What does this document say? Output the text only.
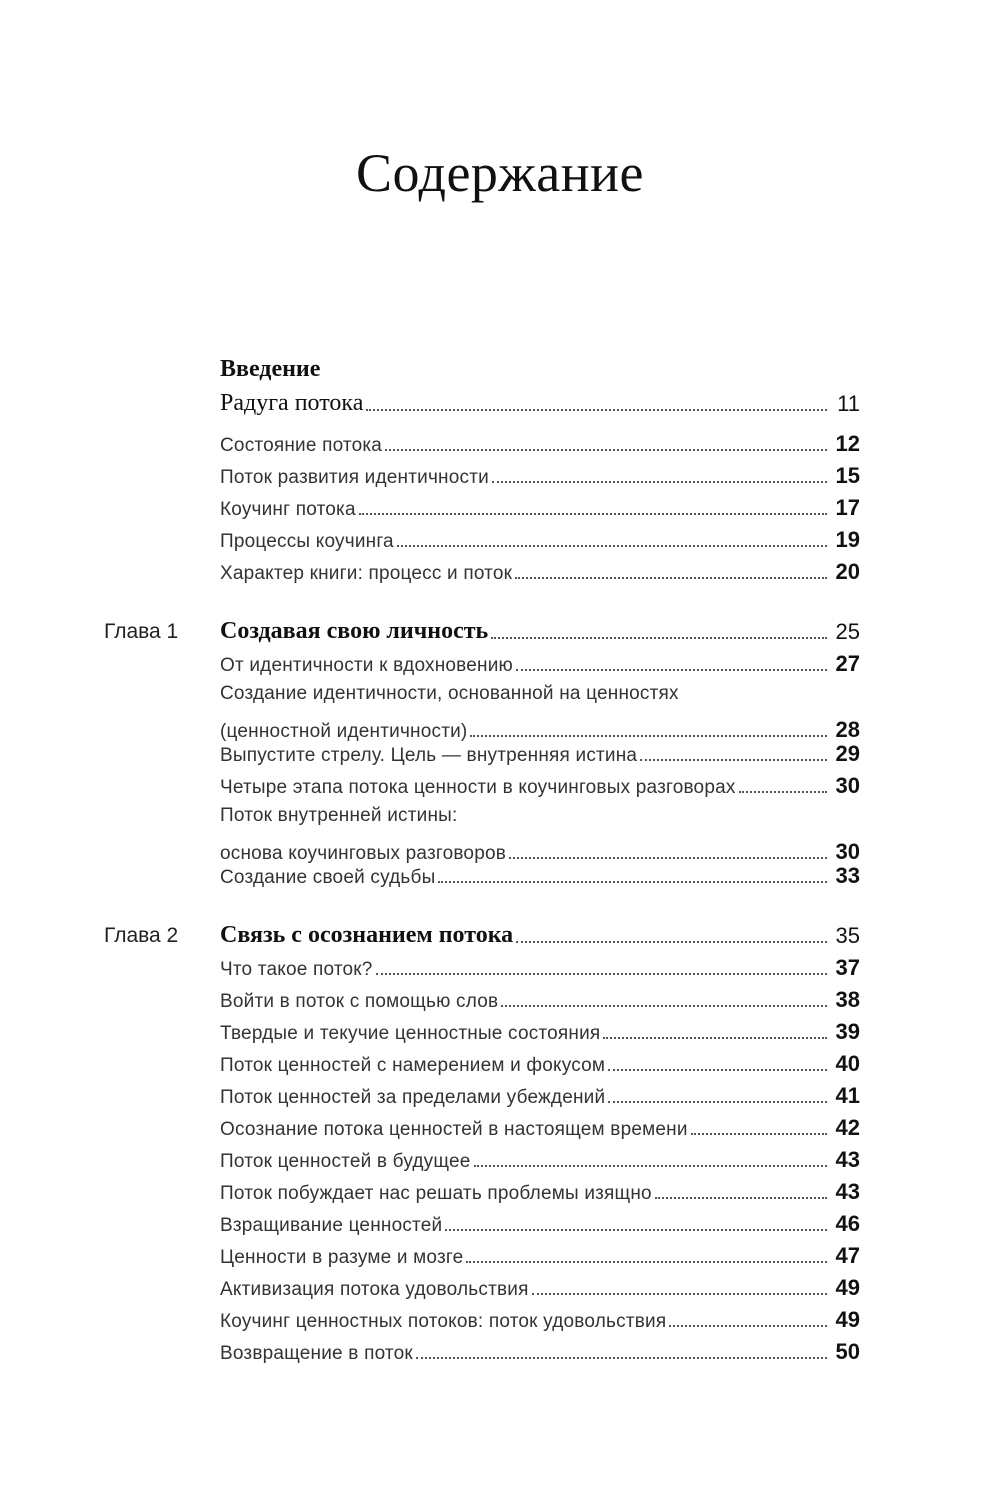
Содержание
Введение
Радуга потока	11
Состояние потока	12
Поток развития идентичности	15
Коучинг потока	17
Процессы коучинга	19
Характер книги: процесс и поток	20
Глава 1 Создавая свою личность	25
От идентичности к вдохновению	27
Создание идентичности, основанной на ценностях
(ценностной идентичности)	28
Выпустите стрелу. Цель — внутренняя истина	29
Четыре этапа потока ценности в коучинговых разговорах	30
Поток внутренней истины:
основа коучинговых разговоров	30
Создание своей судьбы	33
Глава 2 Связь с осознанием потока	35
Что такое поток?	37
Войти в поток с помощью слов	38
Твердые и текучие ценностные состояния	39
Поток ценностей с намерением и фокусом	40
Поток ценностей за пределами убеждений	41
Осознание потока ценностей в настоящем времени	42
Поток ценностей в будущее	43
Поток побуждает нас решать проблемы изящно	43
Взращивание ценностей	46
Ценности в разуме и мозге	47
Активизация потока удовольствия	49
Коучинг ценностных потоков: поток удовольствия	49
Возвращение в поток	50
